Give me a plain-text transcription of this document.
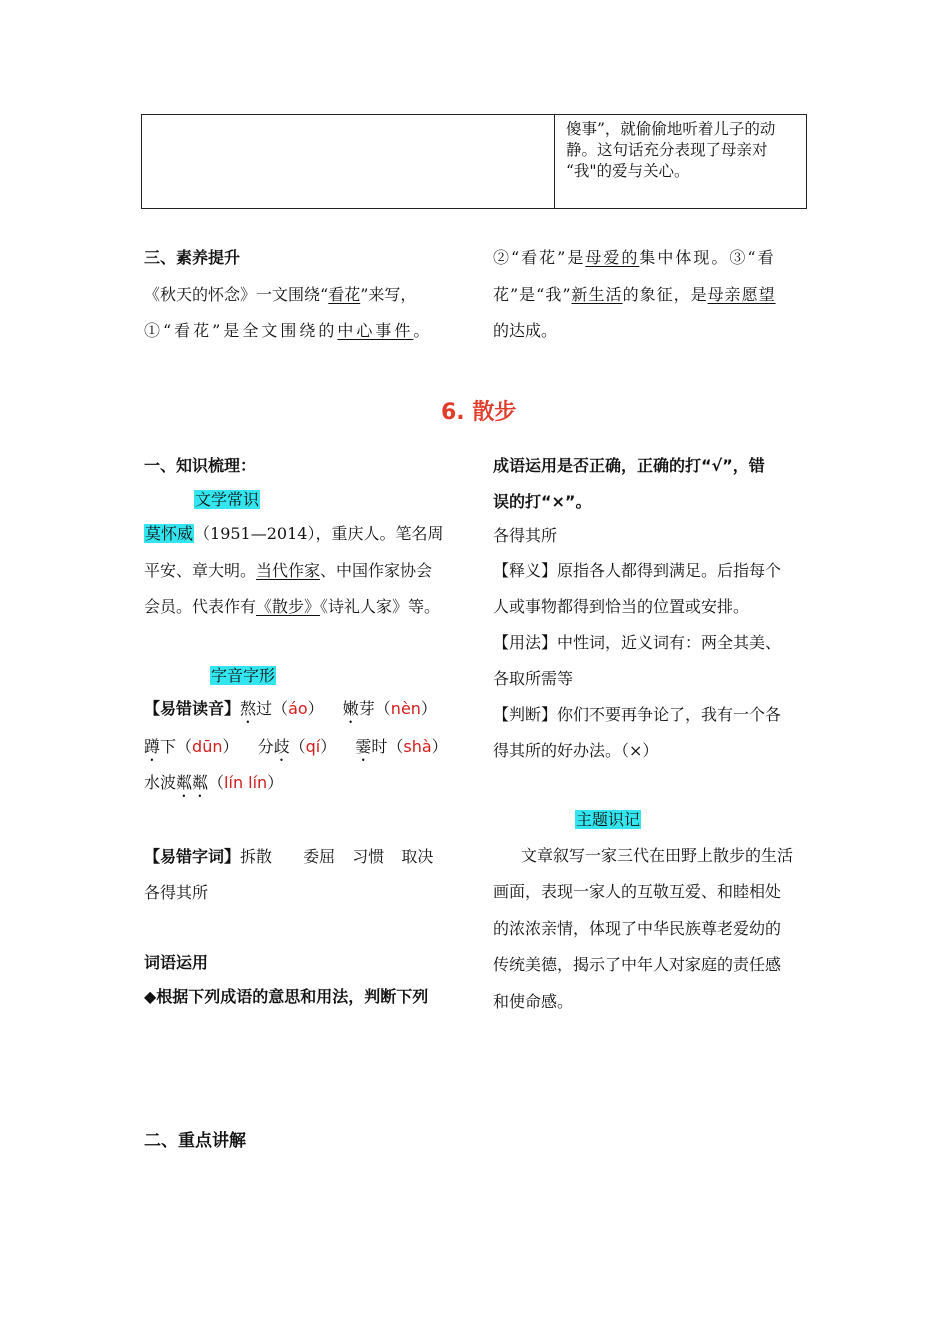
傻事”，就偷偷地听着儿子的动
静。这句话充分表现了母亲对
“我"的爱与关心。
三、素养提升
《秋天的怀念》一文围绕“看花”来写，
①“看花”是全文围绕的中心事件。
②“看花”是母爱的集中体现。③“看
花”是“我”新生活的象征，是母亲愿望
的达成。
6. 散步
一、知识梳理：
文学常识
莫怀威（1951—2014），重庆人。笔名周
平安、章大明。当代作家、中国作家协会
会员。代表作有《散步》《诗礼人家》等。
字音字形
【易错读音】熬过（áo） 嫩芽（nèn）
蹲下（dūn） 分歧（qí） 霎时（shà）
水波粼粼（lín lín）
【易错字词】拆散 委屈 习惯 取决
各得其所
词语运用
◆根据下列成语的意思和用法，判断下列
成语运用是否正确，正确的打“√”，错
误的打“×”。
各得其所
【释义】原指各人都得到满足。后指每个
人或事物都得到恰当的位置或安排。
【用法】中性词，近义词有：两全其美、
各取所需等
【判断】你们不要再争论了，我有一个各
得其所的好办法。（×）
主题识记
文章叙写一家三代在田野上散步的生活
画面，表现一家人的互敬互爱、和睦相处
的浓浓亲情，体现了中华民族尊老爱幼的
传统美德，揭示了中年人对家庭的责任感
和使命感。
二、重点讲解
